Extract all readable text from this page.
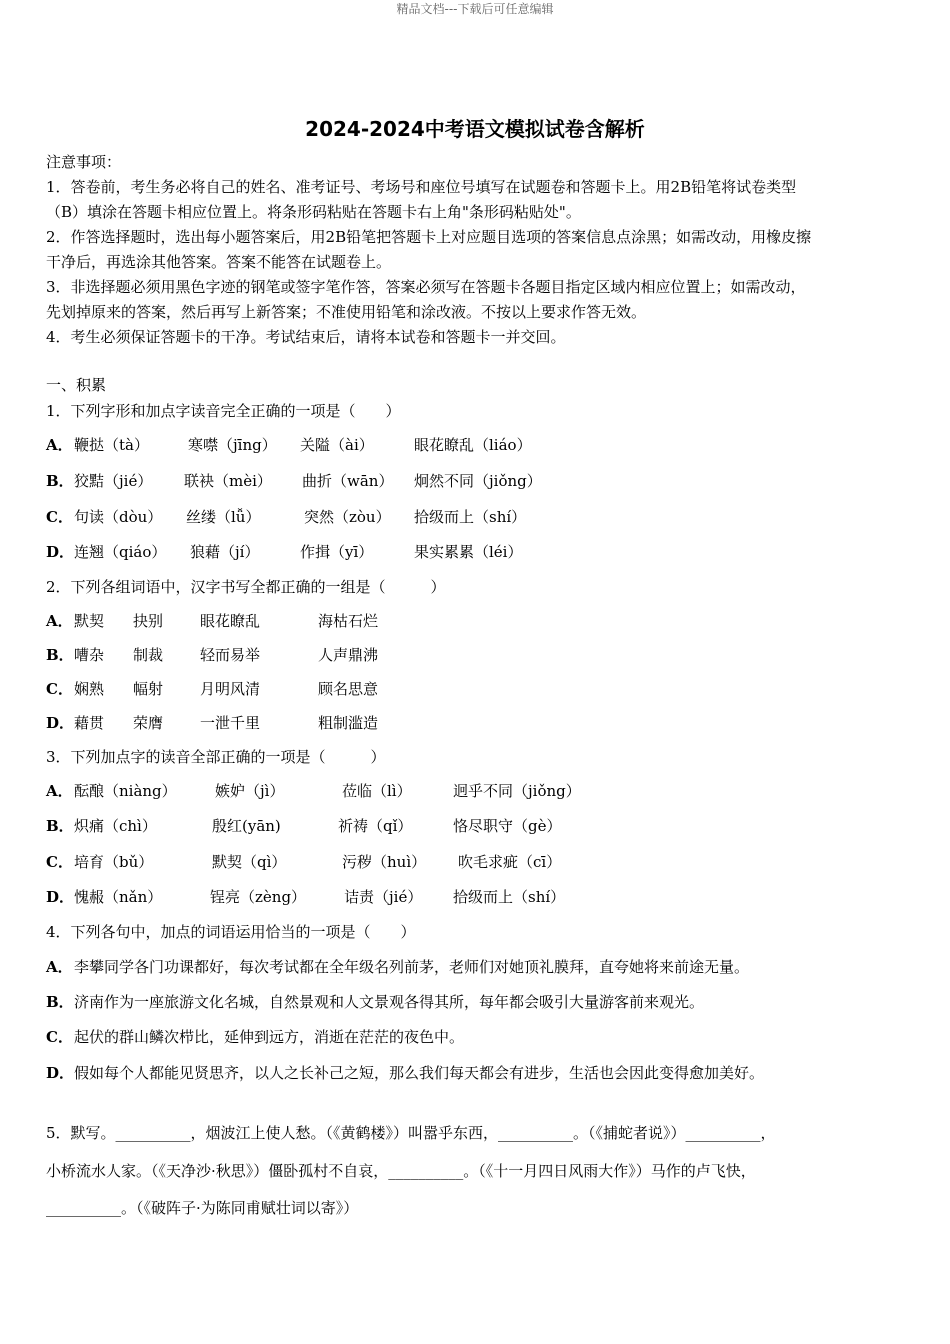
精品文档---下载后可任意编辑
2024-2024中考语文模拟试卷含解析
注意事项：
1．答卷前，考生务必将自己的姓名、准考证号、考场号和座位号填写在试题卷和答题卡上。用2B铅笔将试卷类型
（B）填涂在答题卡相应位置上。将条形码粘贴在答题卡右上角"条形码粘贴处"。
2．作答选择题时，选出每小题答案后，用2B铅笔把答题卡上对应题目选项的答案信息点涂黑；如需改动，用橡皮擦
干净后，再选涂其他答案。答案不能答在试题卷上。
3．非选择题必须用黑色字迹的钢笔或签字笔作答，答案必须写在答题卡各题目指定区域内相应位置上；如需改动，
先划掉原来的答案，然后再写上新答案；不准使用铅笔和涂改液。不按以上要求作答无效。
4．考生必须保证答题卡的干净。考试结束后，请将本试卷和答题卡一并交回。
一、积累
1．下列字形和加点字读音完全正确的一项是（　　）
A． 鞭挞（tà）	寒噤（jīng） 关隘（ài）	眼花瞭乱（liáo）
B． 狡黠（jié） 联袂（mèi） 曲折（wān） 炯然不同（jiǒng）
C． 句读（dòu） 丝缕（lǚ）	突然（zòu） 拾级而上（shí）
D． 连翘（qiáo） 狼藉（jí）	作揖（yī）	果实累累（léi）
2．下列各组词语中，汉字书写全都正确的一组是（　　　）
A． 默契 抉别 眼花瞭乱	海枯石烂
B． 嘈杂 制裁 轻而易举	人声鼎沸
C． 娴熟 幅射 月明风清	顾名思意
D． 藉贯 荣膺 一泄千里	粗制滥造
3．下列加点字的读音全部正确的一项是（　　　）
A． 酝酿（niàng）	嫉妒（jì）	莅临（lì）	迥乎不同（jiǒng）
B． 炽痛（chì）	殷红(yān)	祈祷（qǐ）	恪尽职守（gè）
C． 培育（bǔ）	默契（qì）	污秽（huì） 吹毛求疵（cī）
D． 愧赧（nǎn）	锃亮（zèng）	诘责（jié） 拾级而上（shí）
4．下列各句中，加点的词语运用恰当的一项是（　　）
A． 李攀同学各门功课都好，每次考试都在全年级名列前茅，老师们对她顶礼膜拜，直夸她将来前途无量。
B． 济南作为一座旅游文化名城，自然景观和人文景观各得其所，每年都会吸引大量游客前来观光。
C． 起伏的群山鳞次栉比，延伸到远方，消逝在茫茫的夜色中。
D． 假如每个人都能见贤思齐，以人之长补己之短，那么我们每天都会有进步，生活也会因此变得愈加美好。
5．默写。__________，烟波江上使人愁。（《黄鹤楼》）叫嚣乎东西，__________。（《捕蛇者说》）__________，
小桥流水人家。（《天净沙·秋思》）僵卧孤村不自哀，__________。（《十一月四日风雨大作》）马作的卢飞快，
__________。（《破阵子·为陈同甫赋壮词以寄》）
